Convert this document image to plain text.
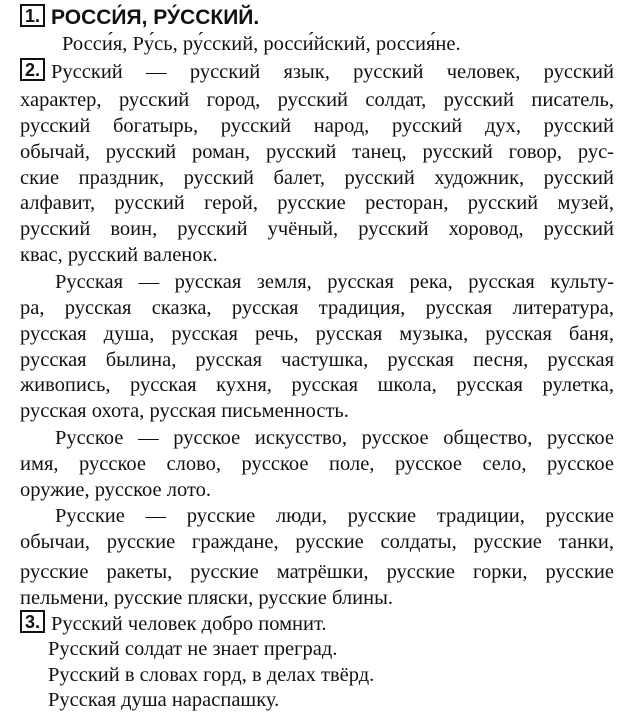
1. РОССИ́Я, РУ́ССКИЙ.
Росси́я, Ру́сь, ру́сский, росси́йский, россия́не.
2. Русский — русский язык, русский человек, русский
характер, русский город, русский солдат, русский писатель,
русский богатырь, русский народ, русский дух, русский
обычай, русский роман, русский танец, русский говор, рус-
ские праздник, русский балет, русский художник, русский
алфавит, русский герой, русские ресторан, русский музей,
русский воин, русский учёный, русский хоровод, русский
квас, русский валенок.
Русская — русская земля, русская река, русская культу-
ра, русская сказка, русская традиция, русская литература,
русская душа, русская речь, русская музыка, русская баня,
русская былина, русская частушка, русская песня, русская
живопись, русская кухня, русская школа, русская рулетка,
русская охота, русская письменность.
Русское — русское искусство, русское общество, русское
имя, русское слово, русское поле, русское село, русское
оружие, русское лото.
Русские — русские люди, русские традиции, русские
обычаи, русские граждане, русские солдаты, русские танки,
русские ракеты, русские матрёшки, русские горки, русские
пельмени, русские пляски, русские блины.
3. Русский человек добро помнит.
Русский солдат не знает преград.
Русский в словах горд, в делах твёрд.
Русская душа нараспашку.
